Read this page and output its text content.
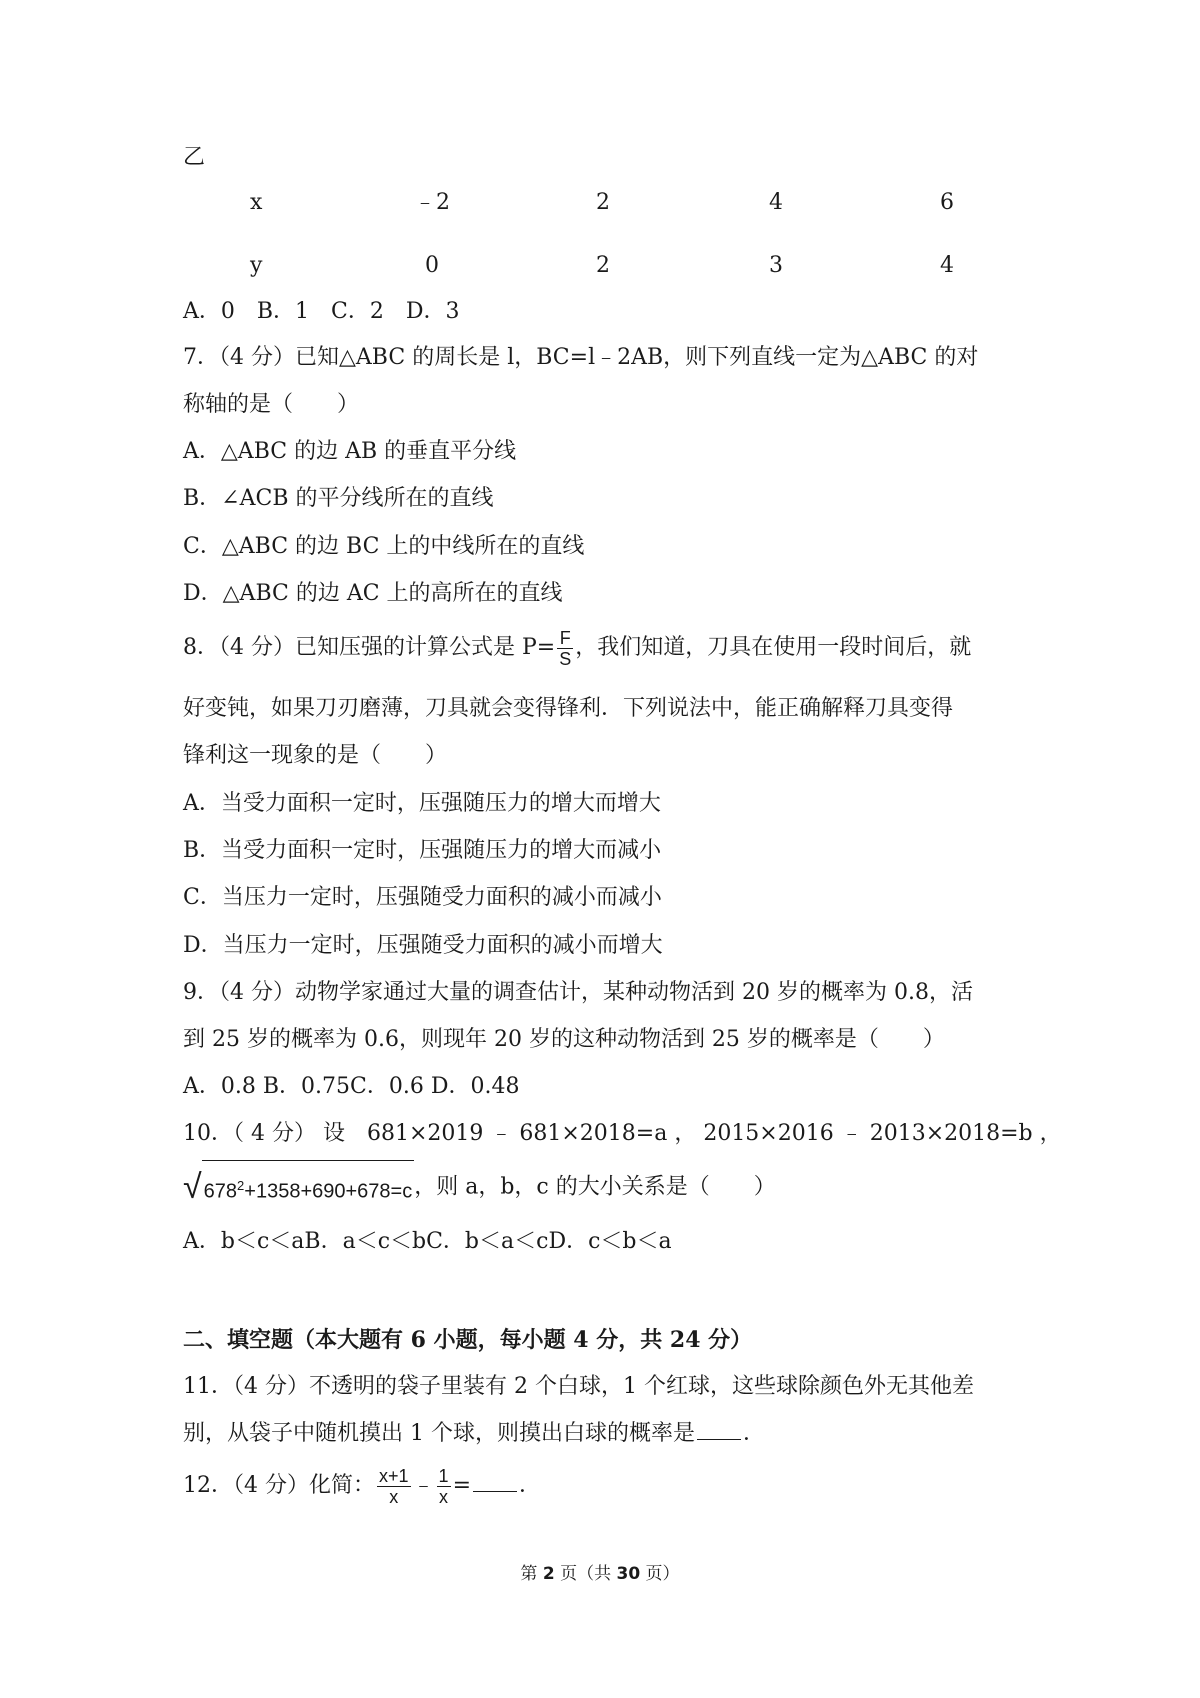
乙
x	﹣2	2	4	6
y	0	2	3	4
A．0　B．1　C．2　D．3
7．（4 分）已知△ABC 的周长是 l，BC=l﹣2AB，则下列直线一定为△ABC 的对
称轴的是（　　）
A．△ABC 的边 AB 的垂直平分线
B．∠ACB 的平分线所在的直线
C．△ABC 的边 BC 上的中线所在的直线
D．△ABC 的边 AC 上的高所在的直线
8．（4 分）已知压强的计算公式是 $P= \frac{F}{S}$ ，我们知道，刀具在使用一段时间后，就
好变钝，如果刀刃磨薄，刀具就会变得锋利．下列说法中，能正确解释刀具变得
锋利这一现象的是（　　）
A．当受力面积一定时，压强随压力的增大而增大
B．当受力面积一定时，压强随压力的增大而减小
C．当压力一定时，压强随受力面积的减小而减小
D．当压力一定时，压强随受力面积的减小而增大
9．（4 分）动物学家通过大量的调查估计，某种动物活到 20 岁的概率为 0.8，活
到 25 岁的概率为 0.6，则现年 20 岁的这种动物活到 25 岁的概率是（　　）
A．0.8 B．0.75C．0.6 D．0.48
10．（ 4 分） 设　681×2019 ﹣ 681×2018=a ， 2015×2016 ﹣ 2013×2018=b ，
√ $678^2+1358+690+678=c$，则 a，b，c 的大小关系是（　　）
A．b＜c＜aB．a＜c＜bC．b＜a＜cD．c＜b＜a
二、填空题（本大题有 6 小题，每小题 4 分，共 24 分）
11．（4 分）不透明的袋子里装有 2 个白球，1 个红球，这些球除颜色外无其他差
别，从袋子中随机摸出 1 个球，则摸出白球的概率是 ．
12．（4 分）化简： $\frac{x+1}{x}$ ﹣ $\frac{1}{x}$ = ．
第 2 页（共 30 页）
